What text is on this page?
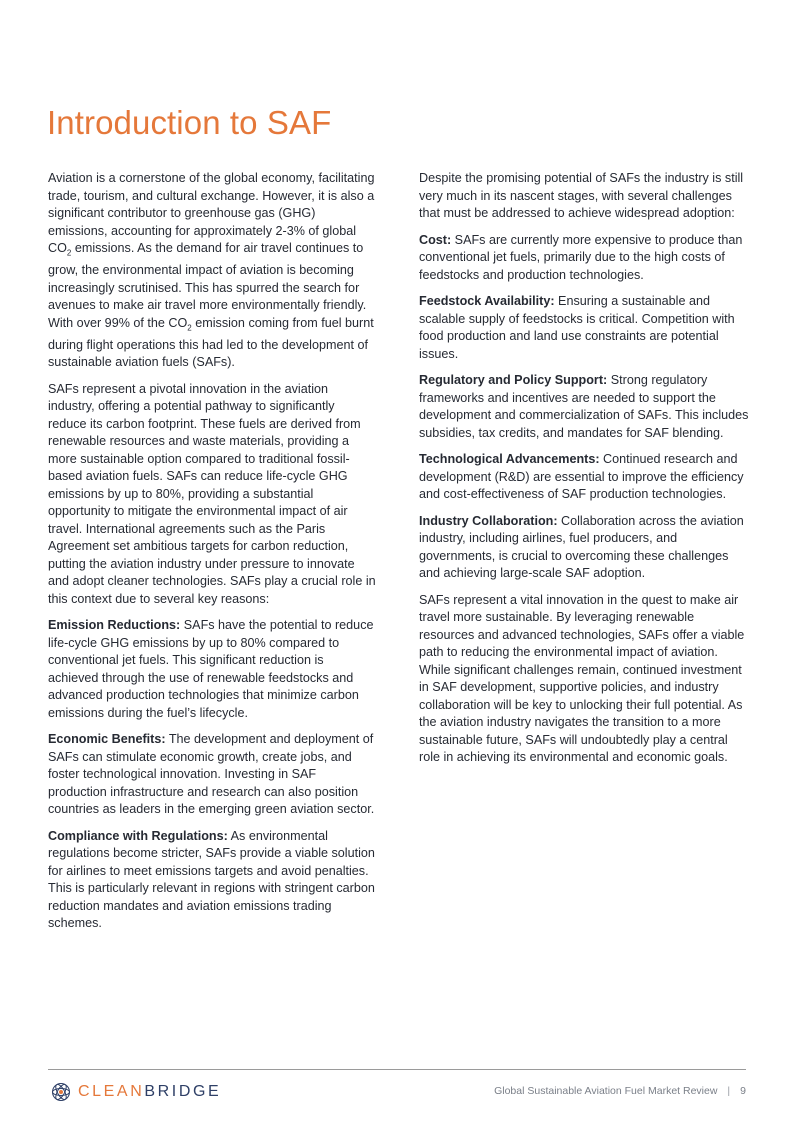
Introduction to SAF

Aviation is a cornerstone of the global economy, facilitating trade, tourism, and cultural exchange. However, it is also a significant contributor to greenhouse gas (GHG) emissions, accounting for approximately 2-3% of global $CO_2$ emissions. As the demand for air travel continues to grow, the environmental impact of aviation is becoming increasingly scrutinised. This has spurred the search for avenues to make air travel more environmentally friendly. With over 99% of the $CO_2$ emission coming from fuel burnt during flight operations this had led to the development of sustainable aviation fuels (SAFs).

SAFs represent a pivotal innovation in the aviation industry, offering a potential pathway to significantly reduce its carbon footprint. These fuels are derived from renewable resources and waste materials, providing a more sustainable option compared to traditional fossil-based aviation fuels. SAFs can reduce life-cycle GHG emissions by up to 80%, providing a substantial opportunity to mitigate the environmental impact of air travel. International agreements such as the Paris Agreement set ambitious targets for carbon reduction, putting the aviation industry under pressure to innovate and adopt cleaner technologies. SAFs play a crucial role in this context due to several key reasons:

Emission Reductions: SAFs have the potential to reduce life-cycle GHG emissions by up to 80% compared to conventional jet fuels. This significant reduction is achieved through the use of renewable feedstocks and advanced production technologies that minimize carbon emissions during the fuel’s lifecycle.

Economic Benefits: The development and deployment of SAFs can stimulate economic growth, create jobs, and foster technological innovation. Investing in SAF production infrastructure and research can also position countries as leaders in the emerging green aviation sector.

Compliance with Regulations: As environmental regulations become stricter, SAFs provide a viable solution for airlines to meet emissions targets and avoid penalties. This is particularly relevant in regions with stringent carbon reduction mandates and aviation emissions trading schemes.

Despite the promising potential of SAFs the industry is still very much in its nascent stages, with several challenges that must be addressed to achieve widespread adoption:

Cost: SAFs are currently more expensive to produce than conventional jet fuels, primarily due to the high costs of feedstocks and production technologies.

Feedstock Availability: Ensuring a sustainable and scalable supply of feedstocks is critical. Competition with food production and land use constraints are potential issues.

Regulatory and Policy Support: Strong regulatory frameworks and incentives are needed to support the development and commercialization of SAFs. This includes subsidies, tax credits, and mandates for SAF blending.

Technological Advancements: Continued research and development (R&D) are essential to improve the efficiency and cost-effectiveness of SAF production technologies.

Industry Collaboration: Collaboration across the aviation industry, including airlines, fuel producers, and governments, is crucial to overcoming these challenges and achieving large-scale SAF adoption.

SAFs represent a vital innovation in the quest to make air travel more sustainable. By leveraging renewable resources and advanced technologies, SAFs offer a viable path to reducing the environmental impact of aviation. While significant challenges remain, continued investment in SAF development, supportive policies, and industry collaboration will be key to unlocking their full potential. As the aviation industry navigates the transition to a more sustainable future, SAFs will undoubtedly play a central role in achieving its environmental and economic goals.

CLEANBRIDGE	Global Sustainable Aviation Fuel Market Review | 9
